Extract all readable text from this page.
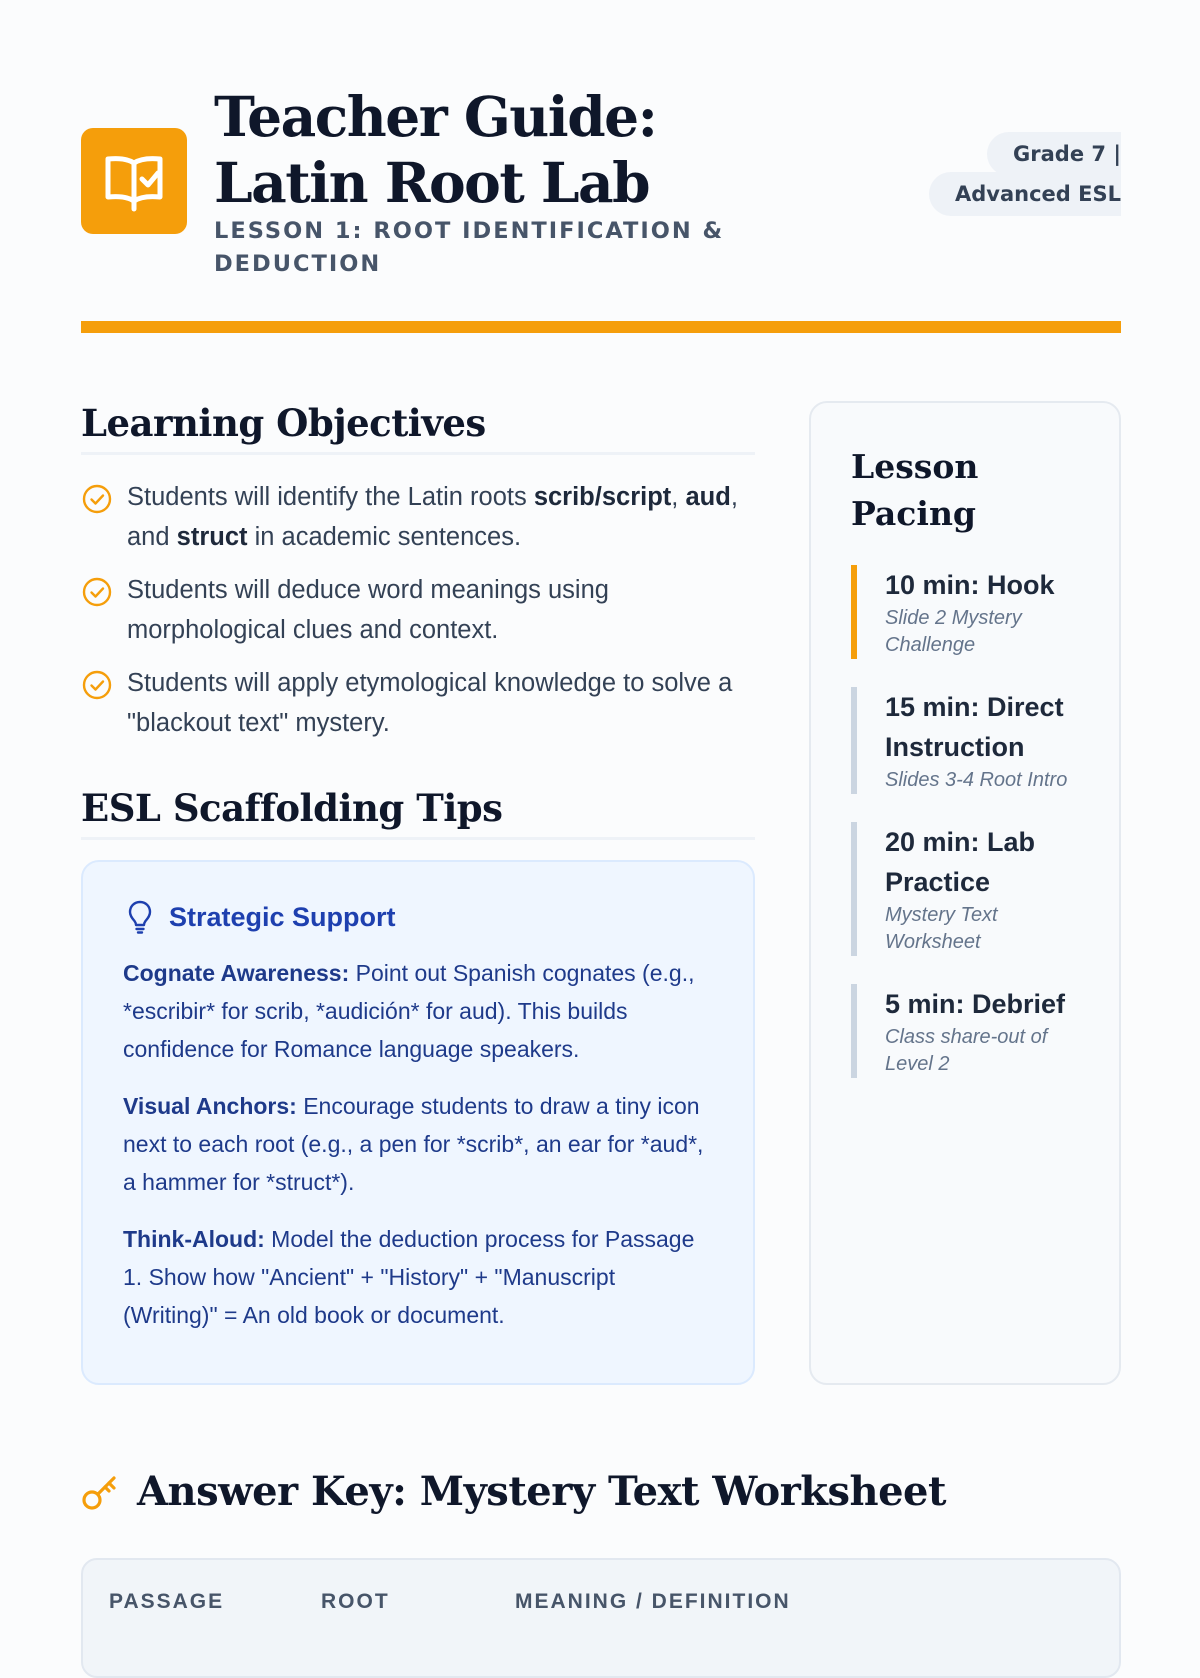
Teacher Guide: Latin Root Lab
LESSON 1: ROOT IDENTIFICATION & DEDUCTION
Grade 7 | Advanced ESL
Learning Objectives
Students will identify the Latin roots scrib/script, aud, and struct in academic sentences.
Students will deduce word meanings using morphological clues and context.
Students will apply etymological knowledge to solve a "blackout text" mystery.
ESL Scaffolding Tips
Strategic Support

Cognate Awareness: Point out Spanish cognates (e.g., *escribir* for scrib, *audición* for aud). This builds confidence for Romance language speakers.

Visual Anchors: Encourage students to draw a tiny icon next to each root (e.g., a pen for *scrib*, an ear for *aud*, a hammer for *struct*).

Think-Aloud: Model the deduction process for Passage 1. Show how "Ancient" + "History" + "Manuscript (Writing)" = An old book or document.

Lesson Pacing
10 min: Hook
Slide 2 Mystery Challenge
15 min: Direct Instruction
Slides 3-4 Root Intro
20 min: Lab Practice
Mystery Text Worksheet
5 min: Debrief
Class share-out of Level 2
Answer Key: Mystery Text Worksheet
PASSAGE	ROOT	MEANING / DEFINITION
